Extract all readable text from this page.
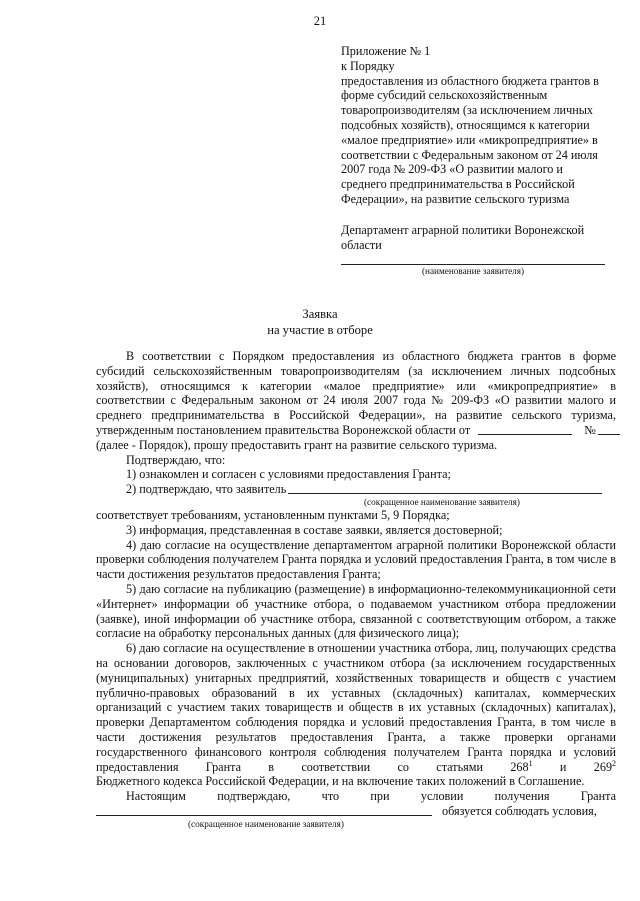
21
Приложение № 1
к Порядку
предоставления из областного бюджета грантов в
форме субсидий сельскохозяйственным
товаропроизводителям (за исключением личных
подсобных хозяйств), относящимся к категории
«малое предприятие» или «микропредприятие» в
соответствии с Федеральным законом от 24 июля
2007 года № 209-ФЗ «О развитии малого и
среднего предпринимательства в Российской
Федерации», на развитие сельского туризма
Департамент аграрной политики Воронежской
области
(наименование заявителя)
Заявка
на участие в отборе
В соответствии с Порядком предоставления из областного бюджета грантов в форме субсидий сельскохозяйственным товаропроизводителям (за исключением личных подсобных хозяйств), относящимся к категории «малое предприятие» или «микропредприятие» в соответствии с Федеральным законом от 24 июля 2007 года № 209-ФЗ «О развитии малого и среднего предпринимательства в Российской Федерации», на развитие сельского туризма,
утвержденным постановлением правительства Воронежской области от	№
(далее - Порядок), прошу предоставить грант на развитие сельского туризма.
Подтверждаю, что:
1) ознакомлен и согласен с условиями предоставления Гранта;
2) подтверждаю, что заявитель
(сокращенное наименование заявителя)
соответствует требованиям, установленным пунктами 5, 9 Порядка;
3) информация, представленная в составе заявки, является достоверной;
4) даю согласие на осуществление департаментом аграрной политики Воронежской области проверки соблюдения получателем Гранта порядка и условий предоставления Гранта, в том числе в части достижения результатов предоставления Гранта;
5) даю согласие на публикацию (размещение) в информационно-телекоммуникационной сети «Интернет» информации об участнике отбора, о подаваемом участником отбора предложении (заявке), иной информации об участнике отбора, связанной с соответствующим отбором, а также согласие на обработку персональных данных (для физического лица);
6) даю согласие на осуществление в отношении участника отбора, лиц, получающих средства на основании договоров, заключенных с участником отбора (за исключением государственных (муниципальных) унитарных предприятий, хозяйственных товариществ и обществ с участием публично-правовых образований в их уставных (складочных) капиталах, коммерческих организаций с участием таких товариществ и обществ в их уставных (складочных) капиталах), проверки Департаментом соблюдения порядка и условий предоставления Гранта, в том числе в части достижения результатов предоставления Гранта, а также проверки органами государственного финансового контроля соблюдения получателем Гранта порядка и условий предоставления Гранта в соответствии со статьями $268^1$ и $269^2$
Бюджетного кодекса Российской Федерации, и на включение таких положений в Соглашение.
Настоящим подтверждаю, что при условии получения Гранта
обязуется соблюдать условия,
(сокращенное наименование заявителя)
